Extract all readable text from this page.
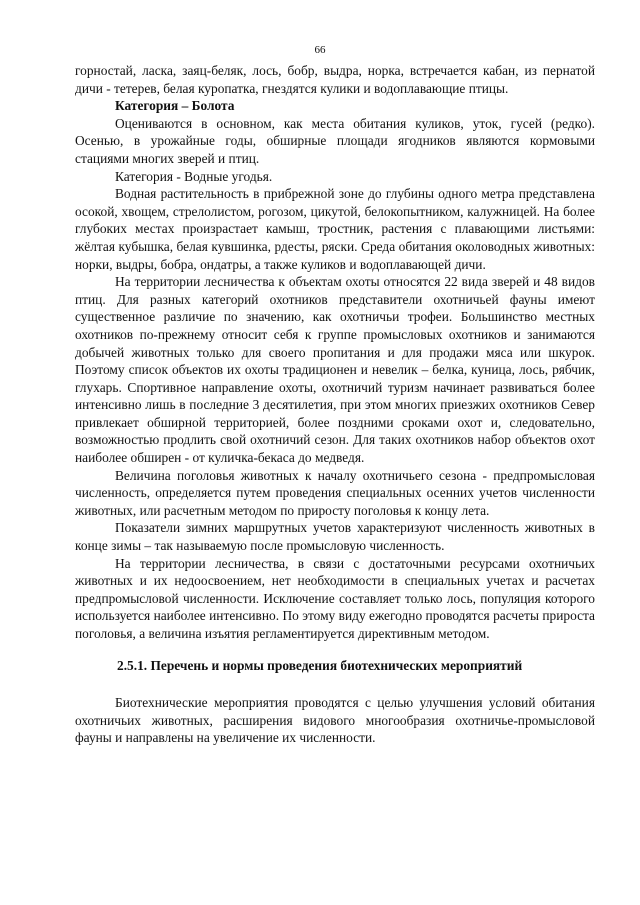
66

горностай, ласка, заяц-беляк, лось, бобр, выдра, норка, встречается кабан, из пернатой дичи - тетерев, белая куропатка, гнездятся кулики и водоплавающие птицы.

Категория – Болота

Оцениваются в основном, как места обитания куликов, уток, гусей (редко). Осенью, в урожайные годы, обширные площади ягодников являются кормовыми стациями многих зверей и птиц.

Категория - Водные угодья.

Водная растительность в прибрежной зоне до глубины одного метра представлена осокой, хвощем, стрелолистом, рогозом, цикутой, белокопытником, калужницей. На более глубоких местах произрастает камыш, тростник, растения с плавающими листьями: жёлтая кубышка, белая кувшинка, рдесты, ряски. Среда обитания околоводных животных: норки, выдры, бобра, ондатры, а также куликов и водоплавающей дичи.

На территории лесничества к объектам охоты относятся 22 вида зверей и 48 видов птиц. Для разных категорий охотников представители охотничьей фауны имеют существенное различие по значению, как охотничьи трофеи. Большинство местных охотников по-прежнему относит себя к группе промысловых охотников и занимаются добычей животных только для своего пропитания и для продажи мяса или шкурок. Поэтому список объектов их охоты традиционен и невелик – белка, куница, лось, рябчик, глухарь. Спортивное направление охоты, охотничий туризм начинает развиваться более интенсивно лишь в последние 3 десятилетия, при этом многих приезжих охотников Север привлекает обширной территорией, более поздними сроками охот и, следовательно, возможностью продлить свой охотничий сезон. Для таких охотников набор объектов охот наиболее обширен - от куличка-бекаса до медведя.

Величина поголовья животных к началу охотничьего сезона - предпромысловая численность, определяется путем проведения специальных осенних учетов численности животных, или расчетным методом по приросту поголовья к концу лета.

Показатели зимних маршрутных учетов характеризуют численность животных в конце зимы – так называемую после промысловую численность.

На территории лесничества, в связи с достаточными ресурсами охотничьих животных и их недоосвоением, нет необходимости в специальных учетах и расчетах предпромысловой численности. Исключение составляет только лось, популяция которого используется наиболее интенсивно. По этому виду ежегодно проводятся расчеты прироста поголовья, а величина изъятия регламентируется директивным методом.

2.5.1. Перечень и нормы проведения биотехнических мероприятий

Биотехнические мероприятия проводятся с целью улучшения условий обитания охотничьих животных, расширения видового многообразия охотничье-промысловой фауны и направлены на увеличение их численности.
